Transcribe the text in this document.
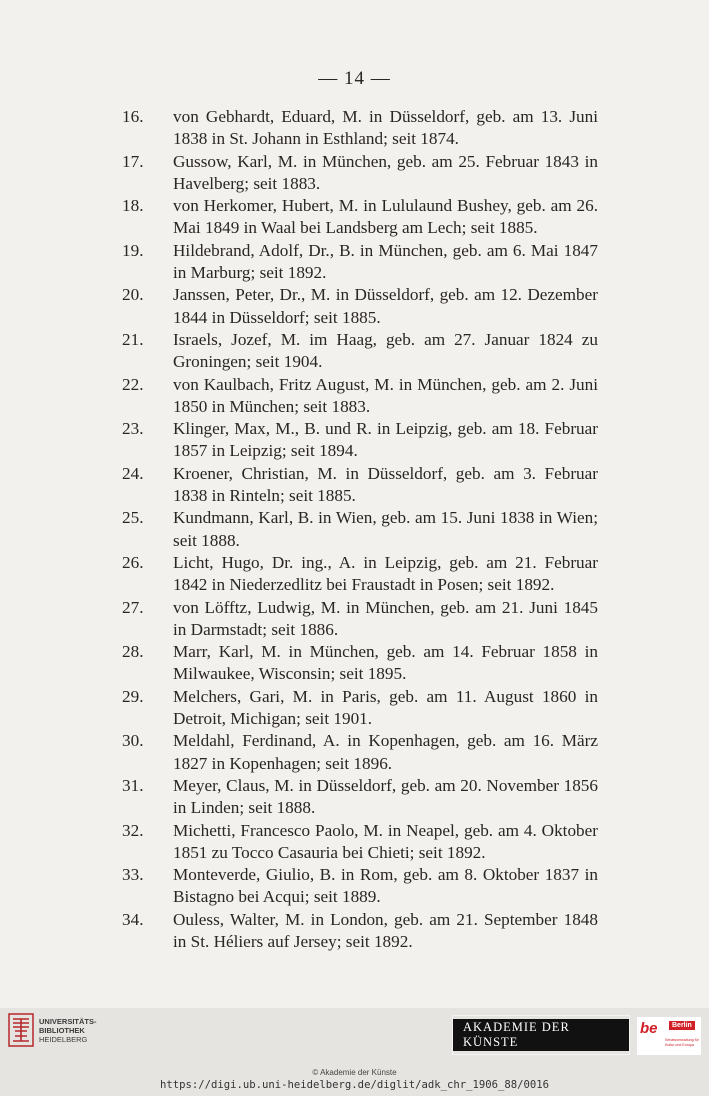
— 14 —
16. von Gebhardt, Eduard, M. in Düsseldorf, geb. am 13. Juni 1838 in St. Johann in Esthland; seit 1874.
17. Gussow, Karl, M. in München, geb. am 25. Februar 1843 in Havelberg; seit 1883.
18. von Herkomer, Hubert, M. in Lululaund Bushey, geb. am 26. Mai 1849 in Waal bei Landsberg am Lech; seit 1885.
19. Hildebrand, Adolf, Dr., B. in München, geb. am 6. Mai 1847 in Marburg; seit 1892.
20. Janssen, Peter, Dr., M. in Düsseldorf, geb. am 12. Dezember 1844 in Düsseldorf; seit 1885.
21. Israels, Jozef, M. im Haag, geb. am 27. Januar 1824 zu Groningen; seit 1904.
22. von Kaulbach, Fritz August, M. in München, geb. am 2. Juni 1850 in München; seit 1883.
23. Klinger, Max, M., B. und R. in Leipzig, geb. am 18. Februar 1857 in Leipzig; seit 1894.
24. Kroener, Christian, M. in Düsseldorf, geb. am 3. Februar 1838 in Rinteln; seit 1885.
25. Kundmann, Karl, B. in Wien, geb. am 15. Juni 1838 in Wien; seit 1888.
26. Licht, Hugo, Dr. ing., A. in Leipzig, geb. am 21. Februar 1842 in Niederzedlitz bei Fraustadt in Posen; seit 1892.
27. von Löfftz, Ludwig, M. in München, geb. am 21. Juni 1845 in Darmstadt; seit 1886.
28. Marr, Karl, M. in München, geb. am 14. Februar 1858 in Milwaukee, Wisconsin; seit 1895.
29. Melchers, Gari, M. in Paris, geb. am 11. August 1860 in Detroit, Michigan; seit 1901.
30. Meldahl, Ferdinand, A. in Kopenhagen, geb. am 16. März 1827 in Kopenhagen; seit 1896.
31. Meyer, Claus, M. in Düsseldorf, geb. am 20. November 1856 in Linden; seit 1888.
32. Michetti, Francesco Paolo, M. in Neapel, geb. am 4. Oktober 1851 zu Tocco Casauria bei Chieti; seit 1892.
33. Monteverde, Giulio, B. in Rom, geb. am 8. Oktober 1837 in Bistagno bei Acqui; seit 1889.
34. Ouless, Walter, M. in London, geb. am 21. September 1848 in St. Héliers auf Jersey; seit 1892.
UNIVERSITÄTS-
BIBLIOTHEK
HEIDELBERG
AKADEMIE DER KÜNSTE
be	Berlin
Senatsverwaltung für Kultur und Europa
© Akademie der Künste
https://digi.ub.uni-heidelberg.de/diglit/adk_chr_1906_88/0016
